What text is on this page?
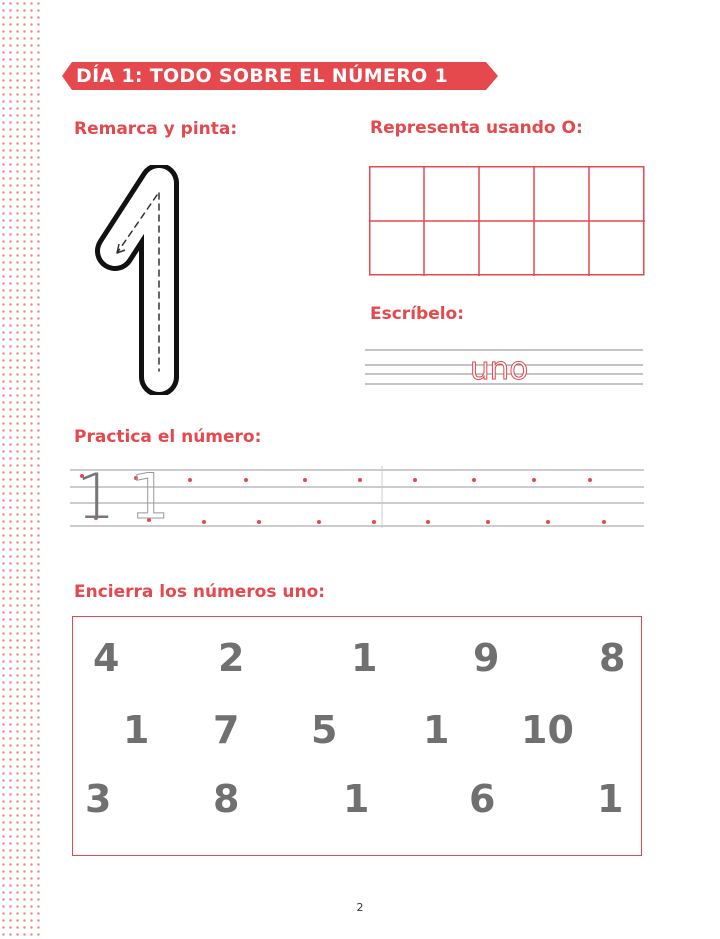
DÍA 1: TODO SOBRE EL NÚMERO 1
Remarca y pinta:	Representa usando O:
Escríbelo:
Practica el número:
Encierra los números uno:
uno
1 1
4	2	1	9	8
1 7 5 1 10
3	8	1	6	1
2
